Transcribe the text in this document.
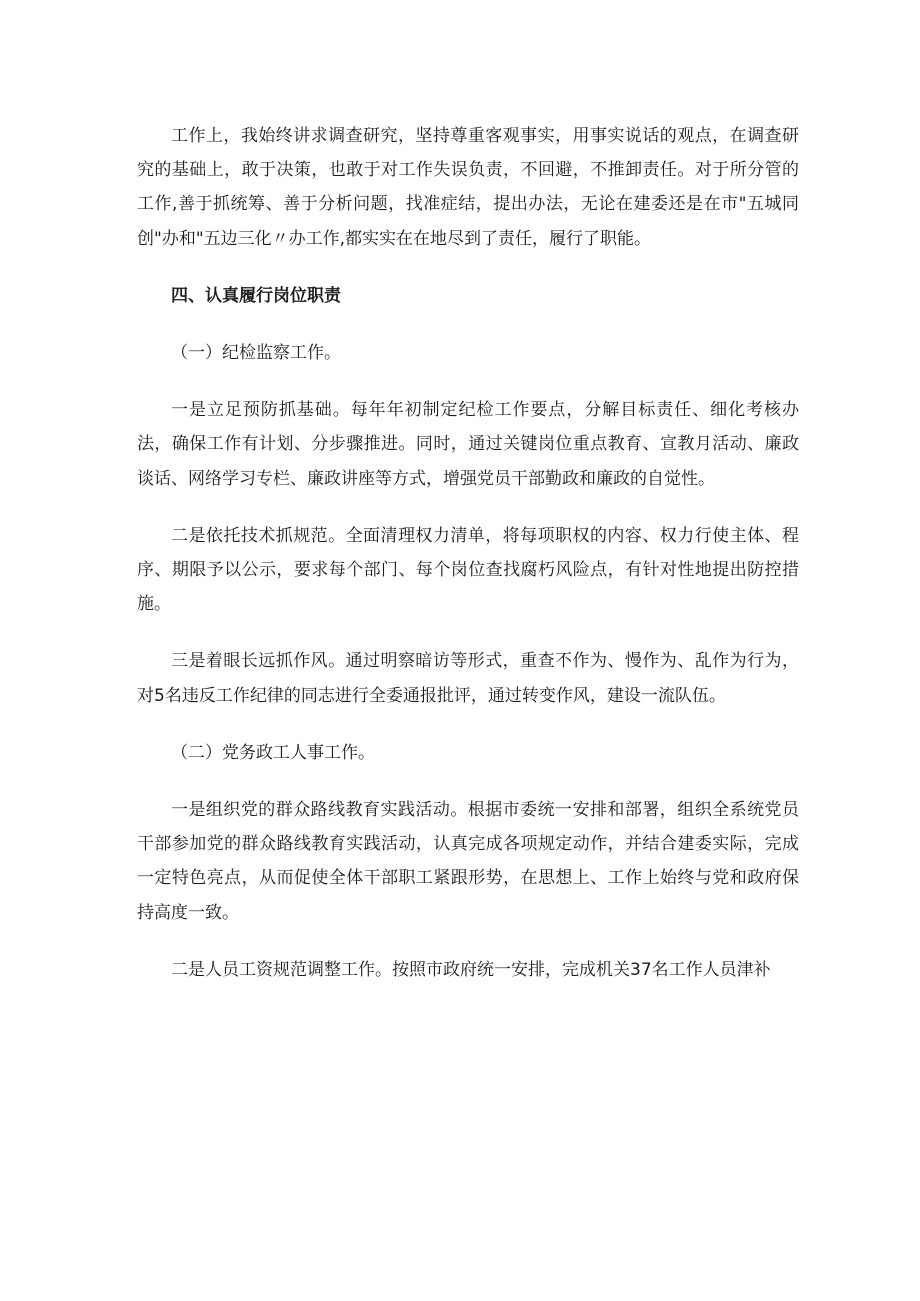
工作上，我始终讲求调查研究，坚持尊重客观事实，用事实说话的观点，在调查研究的基础上，敢于决策，也敢于对工作失误负责，不回避，不推卸责任。对于所分管的工作,善于抓统筹、善于分析问题，找准症结，提出办法，无论在建委还是在市"五城同创"办和"五边三化〃办工作,都实实在在地尽到了责任，履行了职能。

四、认真履行岗位职责

（一）纪检监察工作。

一是立足预防抓基础。每年年初制定纪检工作要点，分解目标责任、细化考核办法，确保工作有计划、分步骤推进。同时，通过关键岗位重点教育、宣教月活动、廉政谈话、网络学习专栏、廉政讲座等方式，增强党员干部勤政和廉政的自觉性。

二是依托技术抓规范。全面清理权力清单，将每项职权的内容、权力行使主体、程序、期限予以公示，要求每个部门、每个岗位查找腐朽风险点，有针对性地提出防控措施。

三是着眼长远抓作风。通过明察暗访等形式，重查不作为、慢作为、乱作为行为，对5名违反工作纪律的同志进行全委通报批评，通过转变作风，建设一流队伍。

（二）党务政工人事工作。

一是组织党的群众路线教育实践活动。根据市委统一安排和部署，组织全系统党员干部参加党的群众路线教育实践活动，认真完成各项规定动作，并结合建委实际，完成一定特色亮点，从而促使全体干部职工紧跟形势，在思想上、工作上始终与党和政府保持高度一致。

二是人员工资规范调整工作。按照市政府统一安排，完成机关37名工作人员津补
